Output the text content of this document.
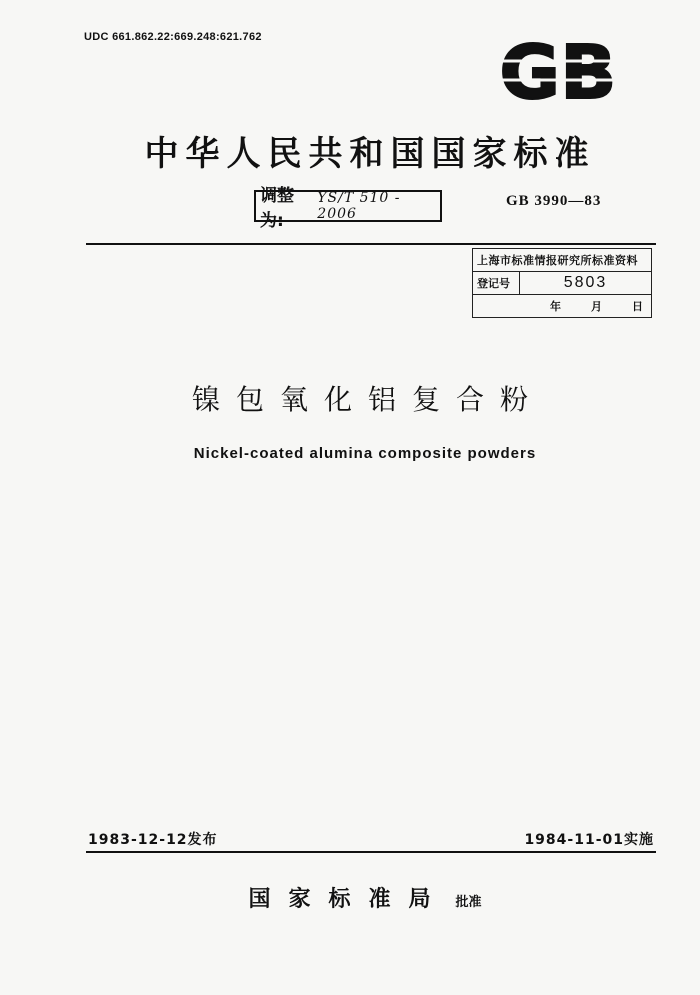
UDC 661.862.22:669.248:621.762	GB
中华人民共和国国家标准
调整为:
YS/T 510 - 2006
GB 3990—83
上海市标准情报研究所标准资料
登记号	5803
年	月	日
镍包氧化铝复合粉
Nickel-coated alumina composite powders
1983-12-12发布	1984-11-01实施
国家标准局 批准
